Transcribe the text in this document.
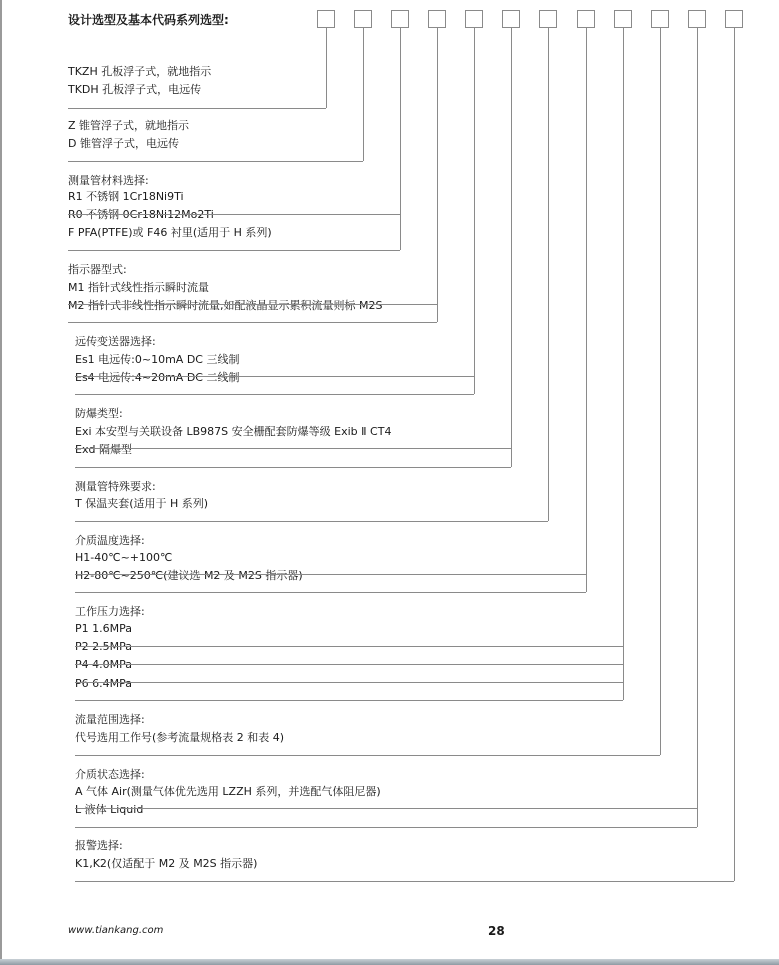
设计选型及基本代码系列选型:
TKZH 孔板浮子式，就地指示
TKDH 孔板浮子式，电远传
Z 锥管浮子式，就地指示
D 锥管浮子式，电远传
测量管材料选择:
R1 不锈钢 1Cr18Ni9Ti
R0 不锈钢 0Cr18Ni12Mo2Ti
F PFA(PTFE)或 F46 衬里(适用于 H 系列)
指示器型式:
M1 指针式线性指示瞬时流量
M2 指针式非线性指示瞬时流量,如配液晶显示累积流量则标 M2S
远传变送器选择:
Es1 电远传:0~10mA DC 三线制
Es4 电远传:4~20mA DC 二线制
防爆类型:
Exi 本安型与关联设备 LB987S 安全栅配套防爆等级 Exib Ⅱ CT4
Exd 隔爆型
测量管特殊要求:
T 保温夹套(适用于 H 系列)
介质温度选择:
H1-40℃~+100℃
H2-80℃~250℃(建议选 M2 及 M2S 指示器)
工作压力选择:
P1 1.6MPa
P2 2.5MPa
P4 4.0MPa
P6 6.4MPa
流量范围选择:
代号选用工作号(参考流量规格表 2 和表 4)
介质状态选择:
A 气体 Air(测量气体优先选用 LZZH 系列，并选配气体阻尼器)
L 液体 Liquid
报警选择:
K1,K2(仅适配于 M2 及 M2S 指示器)
www.tiankang.com	28
